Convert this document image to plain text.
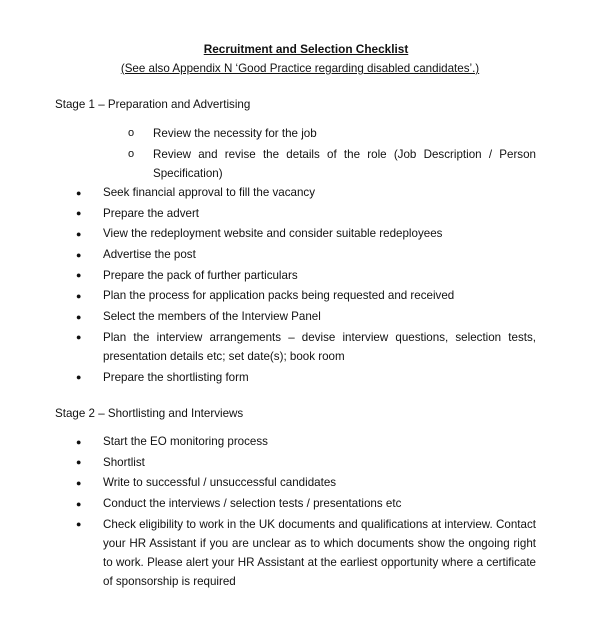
Recruitment and Selection Checklist

(See also Appendix N ‘Good Practice regarding disabled candidates’.)

Stage 1 – Preparation and Advertising
o	Review the necessity for the job
o	Review and revise the details of the role (Job Description / Person Specification)
●	Seek financial approval to fill the vacancy
●	Prepare the advert
●	View the redeployment website and consider suitable redeployees
●	Advertise the post
●	Prepare the pack of further particulars
●	Plan the process for application packs being requested and received
●	Select the members of the Interview Panel
●	Plan the interview arrangements – devise interview questions, selection tests, presentation details etc; set date(s); book room
●	Prepare the shortlisting form
Stage 2 – Shortlisting and Interviews
●	Start the EO monitoring process
●	Shortlist
●	Write to successful / unsuccessful candidates
●	Conduct the interviews / selection tests / presentations etc
●	Check eligibility to work in the UK documents and qualifications at interview. Contact your HR Assistant if you are unclear as to which documents show the ongoing right to work. Please alert your HR Assistant at the earliest opportunity where a certificate of sponsorship is required
